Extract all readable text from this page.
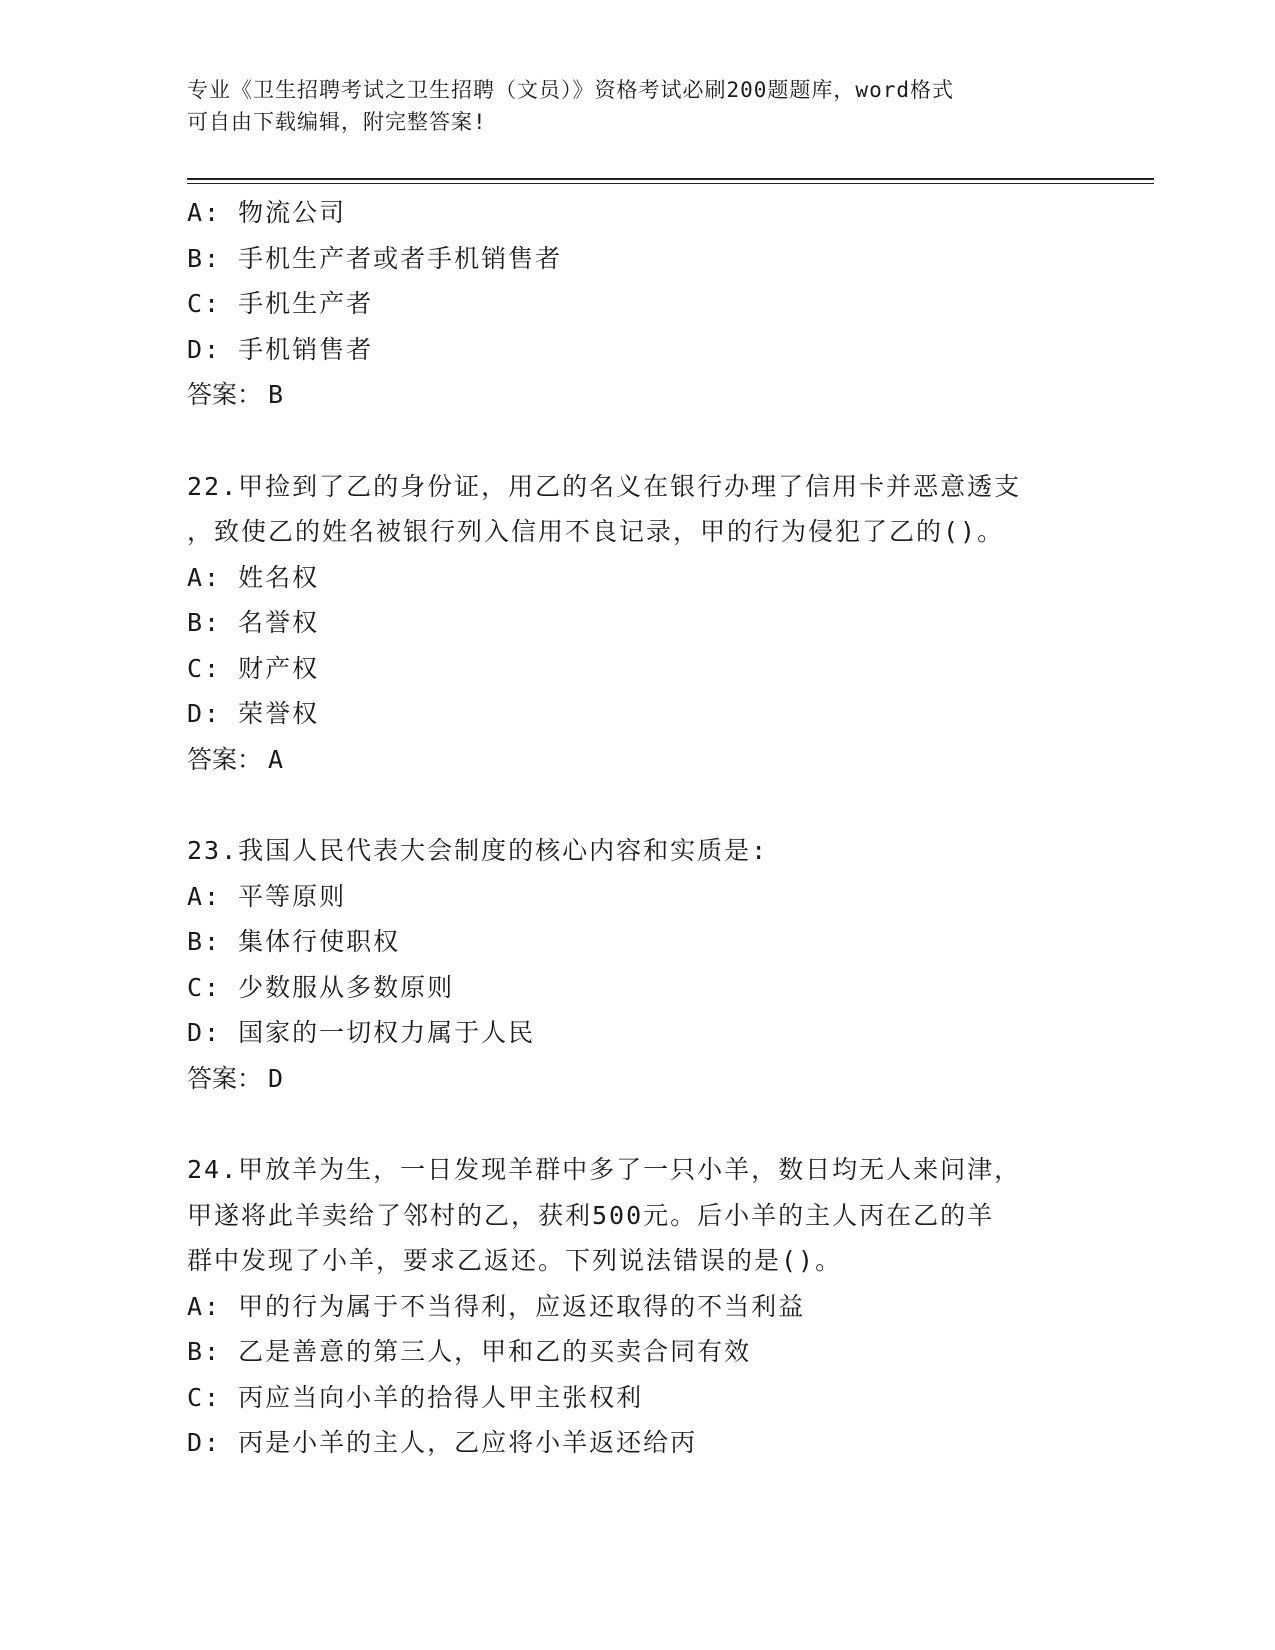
专业《卫生招聘考试之卫生招聘（文员）》资格考试必刷200题题库，word格式
可自由下载编辑，附完整答案!
A: 物流公司
B: 手机生产者或者手机销售者
C: 手机生产者
D: 手机销售者
答案： B
22.甲捡到了乙的身份证，用乙的名义在银行办理了信用卡并恶意透支
，致使乙的姓名被银行列入信用不良记录，甲的行为侵犯了乙的()。
A: 姓名权
B: 名誉权
C: 财产权
D: 荣誉权
答案： A
23.我国人民代表大会制度的核心内容和实质是:
A: 平等原则
B: 集体行使职权
C: 少数服从多数原则
D: 国家的一切权力属于人民
答案： D
24.甲放羊为生，一日发现羊群中多了一只小羊，数日均无人来问津，
甲遂将此羊卖给了邻村的乙，获利500元。后小羊的主人丙在乙的羊
群中发现了小羊，要求乙返还。下列说法错误的是()。
A: 甲的行为属于不当得利，应返还取得的不当利益
B: 乙是善意的第三人，甲和乙的买卖合同有效
C: 丙应当向小羊的拾得人甲主张权利
D: 丙是小羊的主人，乙应将小羊返还给丙
